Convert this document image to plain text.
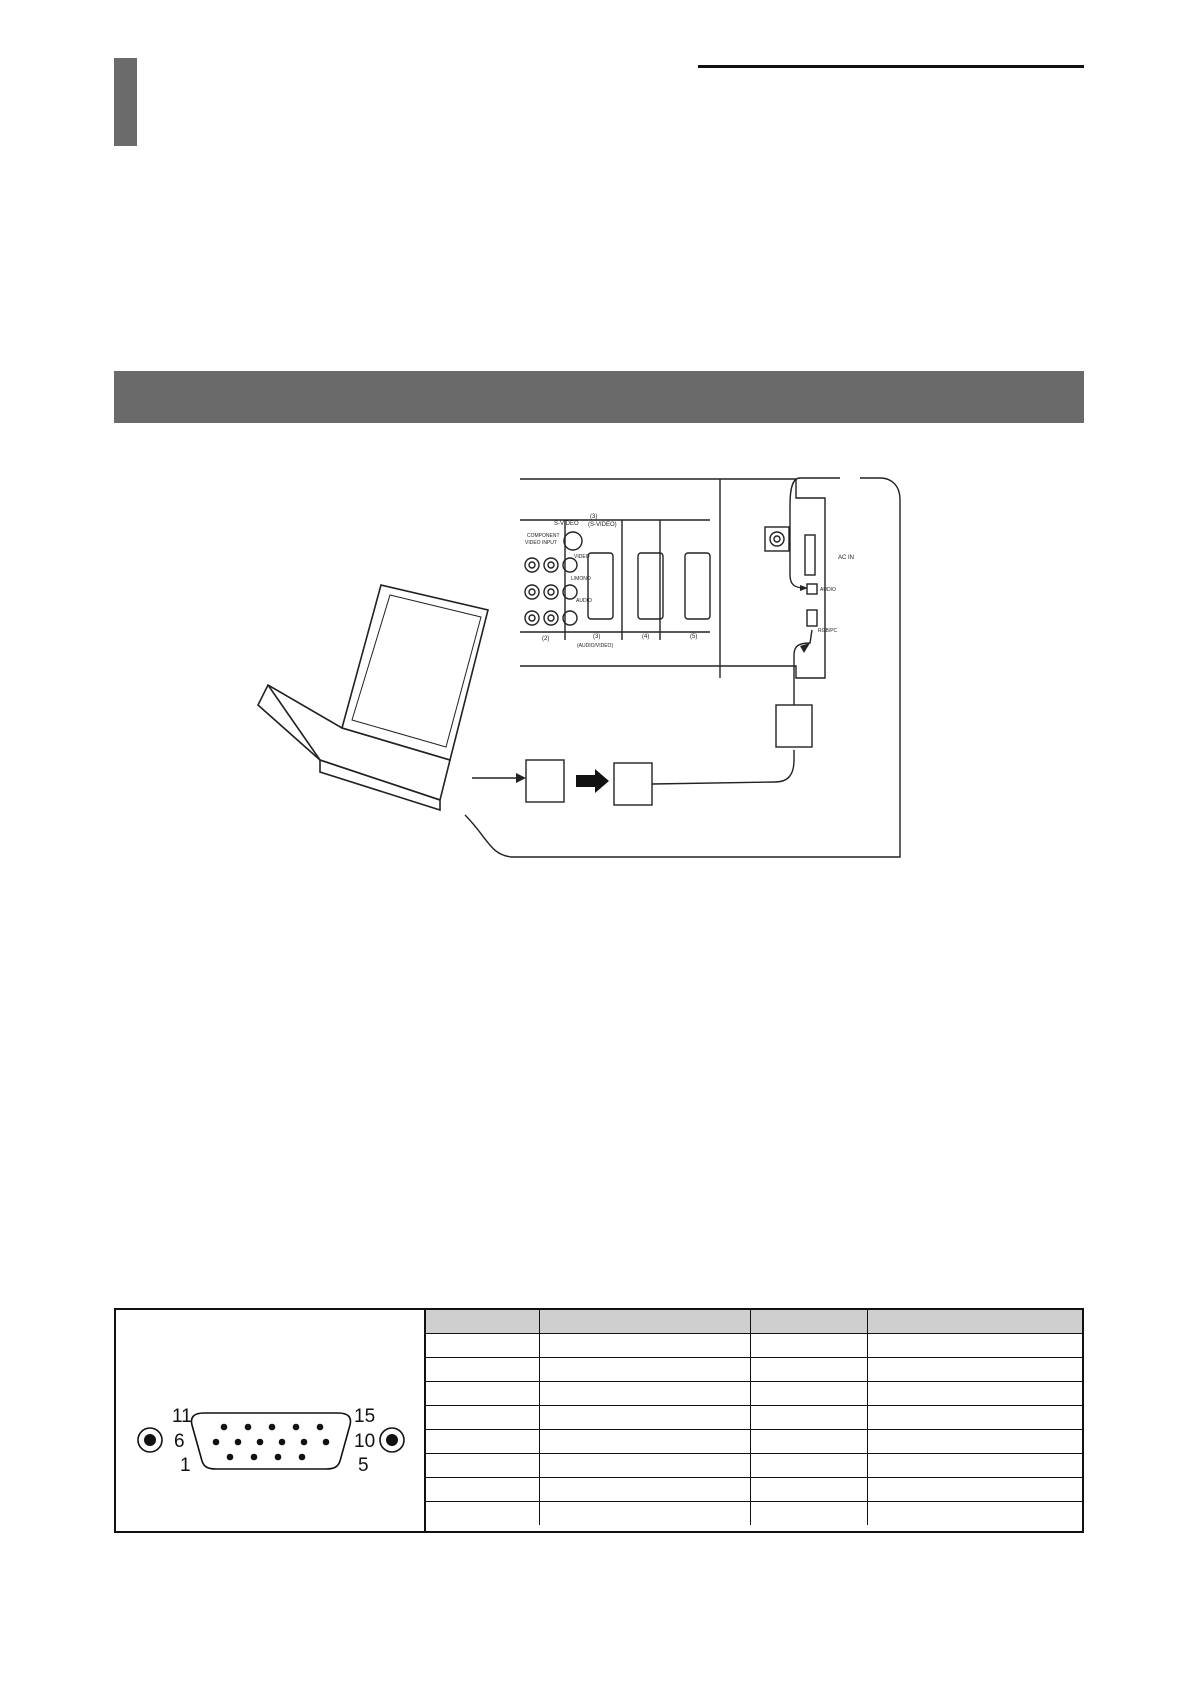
S-VIDEO (S-VIDEO)
(3)
COMPONENT
VIDEO INPUT
VIDEO
L/MONO
AUDIO
(2)	(3)
(AUDIO/VIDEO)
(4)	(5)
AC IN
AUDIO
RGB/PC
11
6
1
15
10
5
